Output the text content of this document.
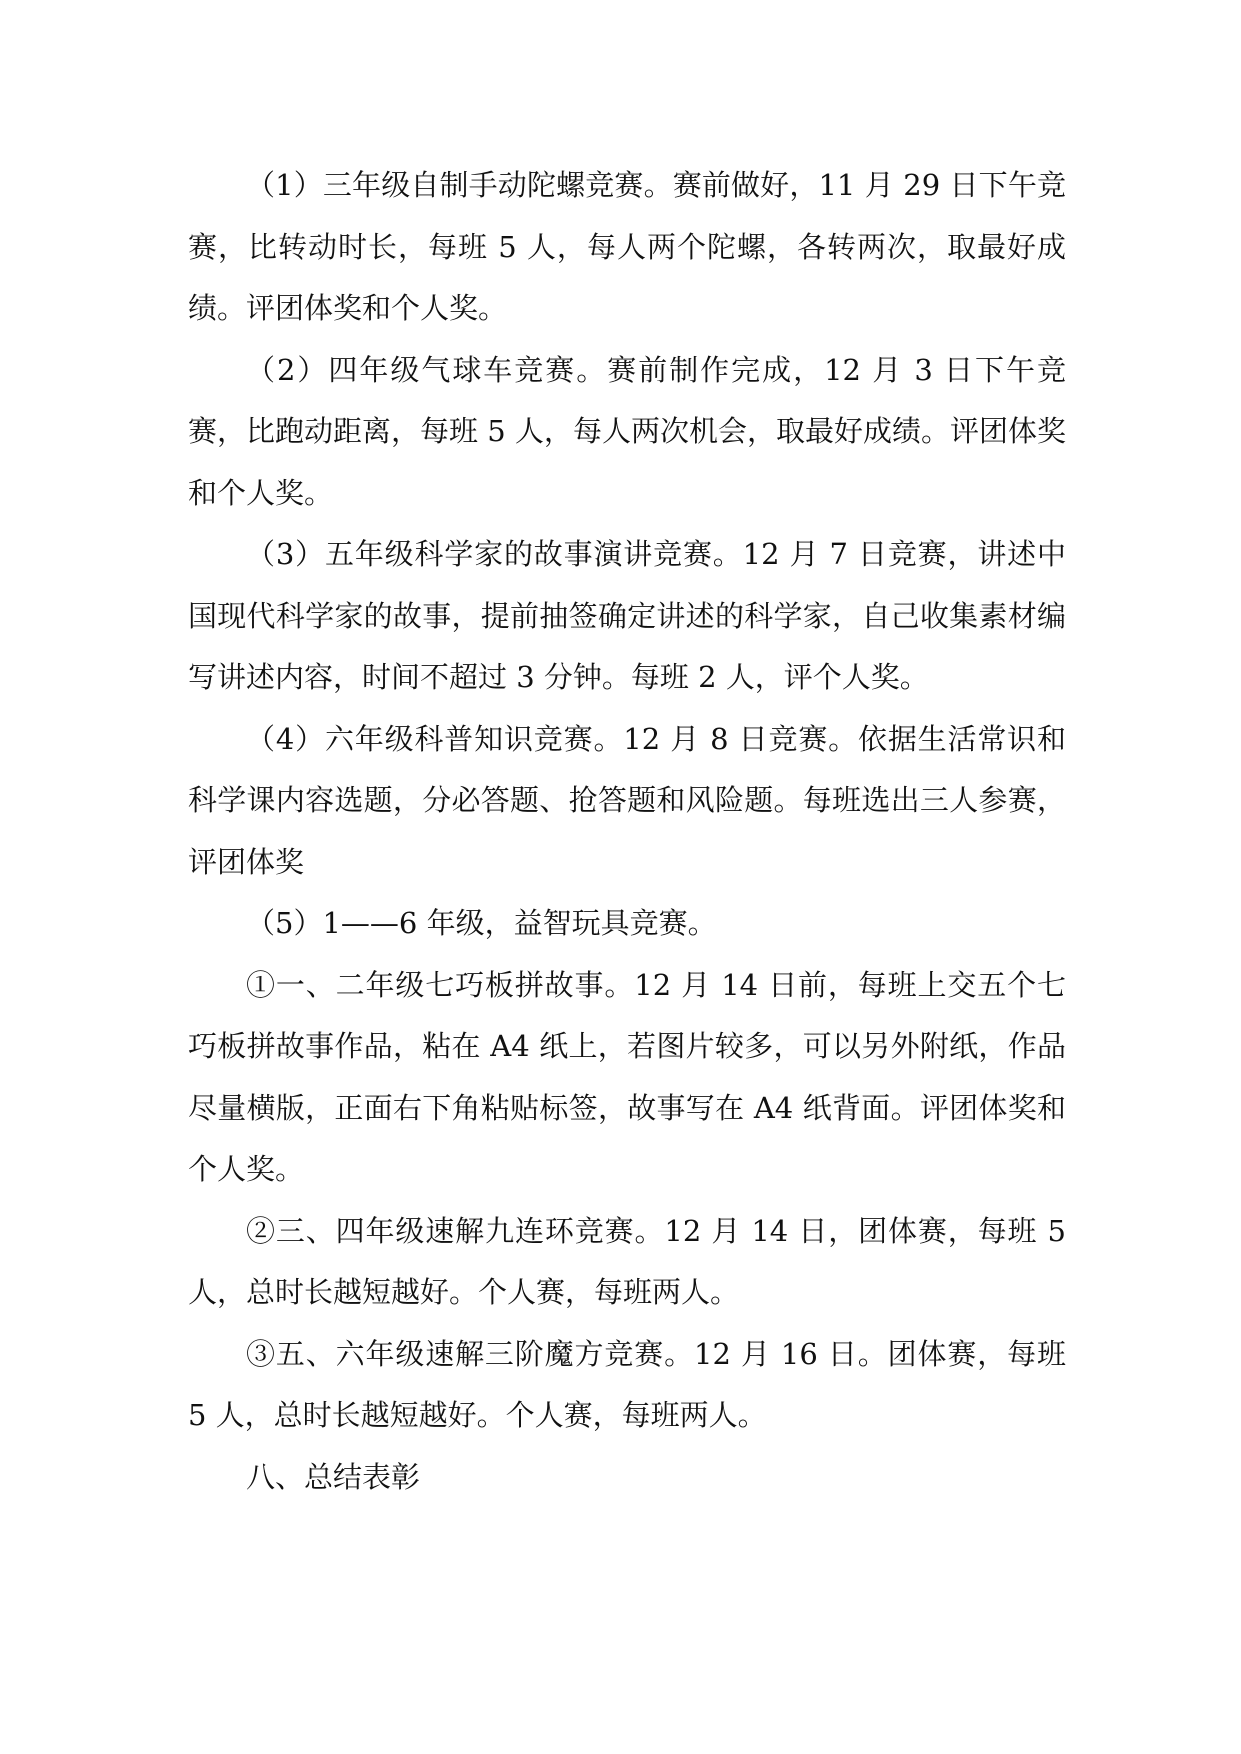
（1）三年级自制手动陀螺竞赛。赛前做好，11 月 29 日下午竞赛，比转动时长，每班 5 人，每人两个陀螺，各转两次，取最好成绩。评团体奖和个人奖。

（2）四年级气球车竞赛。赛前制作完成，12 月 3 日下午竞赛，比跑动距离，每班 5 人，每人两次机会，取最好成绩。评团体奖和个人奖。

（3）五年级科学家的故事演讲竞赛。12 月 7 日竞赛，讲述中国现代科学家的故事，提前抽签确定讲述的科学家，自己收集素材编写讲述内容，时间不超过 3 分钟。每班 2 人，评个人奖。

（4）六年级科普知识竞赛。12 月 8 日竞赛。依据生活常识和科学课内容选题，分必答题、抢答题和风险题。每班选出三人参赛，评团体奖

（5）1——6 年级，益智玩具竞赛。

①一、二年级七巧板拼故事。12 月 14 日前，每班上交五个七巧板拼故事作品，粘在 A4 纸上，若图片较多，可以另外附纸，作品尽量横版，正面右下角粘贴标签，故事写在 A4 纸背面。评团体奖和个人奖。

②三、四年级速解九连环竞赛。12 月 14 日，团体赛，每班 5 人，总时长越短越好。个人赛，每班两人。

③五、六年级速解三阶魔方竞赛。12 月 16 日。团体赛，每班 5 人，总时长越短越好。个人赛，每班两人。

八、总结表彰
